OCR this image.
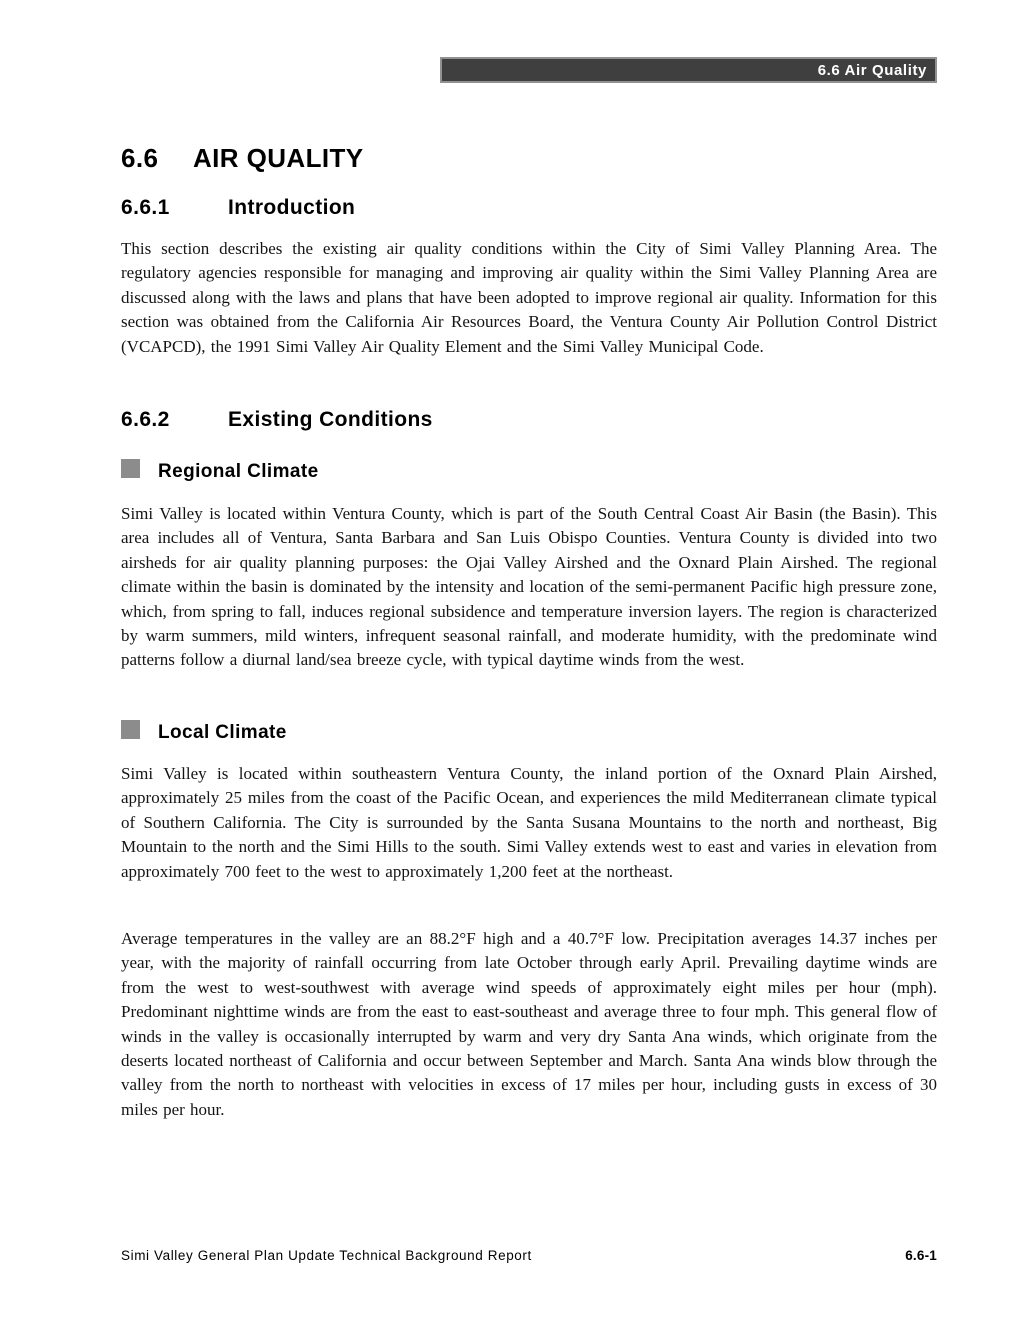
6.6 Air Quality
6.6 AIR QUALITY
6.6.1	Introduction
This section describes the existing air quality conditions within the City of Simi Valley Planning Area. The regulatory agencies responsible for managing and improving air quality within the Simi Valley Planning Area are discussed along with the laws and plans that have been adopted to improve regional air quality. Information for this section was obtained from the California Air Resources Board, the Ventura County Air Pollution Control District (VCAPCD), the 1991 Simi Valley Air Quality Element and the Simi Valley Municipal Code.
6.6.2	Existing Conditions
Regional Climate
Simi Valley is located within Ventura County, which is part of the South Central Coast Air Basin (the Basin). This area includes all of Ventura, Santa Barbara and San Luis Obispo Counties. Ventura County is divided into two airsheds for air quality planning purposes: the Ojai Valley Airshed and the Oxnard Plain Airshed. The regional climate within the basin is dominated by the intensity and location of the semi-permanent Pacific high pressure zone, which, from spring to fall, induces regional subsidence and temperature inversion layers. The region is characterized by warm summers, mild winters, infrequent seasonal rainfall, and moderate humidity, with the predominate wind patterns follow a diurnal land/sea breeze cycle, with typical daytime winds from the west.
Local Climate
Simi Valley is located within southeastern Ventura County, the inland portion of the Oxnard Plain Airshed, approximately 25 miles from the coast of the Pacific Ocean, and experiences the mild Mediterranean climate typical of Southern California. The City is surrounded by the Santa Susana Mountains to the north and northeast, Big Mountain to the north and the Simi Hills to the south. Simi Valley extends west to east and varies in elevation from approximately 700 feet to the west to approximately 1,200 feet at the northeast.
Average temperatures in the valley are an 88.2°F high and a 40.7°F low. Precipitation averages 14.37 inches per year, with the majority of rainfall occurring from late October through early April. Prevailing daytime winds are from the west to west-southwest with average wind speeds of approximately eight miles per hour (mph). Predominant nighttime winds are from the east to east-southeast and average three to four mph. This general flow of winds in the valley is occasionally interrupted by warm and very dry Santa Ana winds, which originate from the deserts located northeast of California and occur between September and March. Santa Ana winds blow through the valley from the north to northeast with velocities in excess of 17 miles per hour, including gusts in excess of 30 miles per hour.
Simi Valley General Plan Update Technical Background Report	6.6-1
